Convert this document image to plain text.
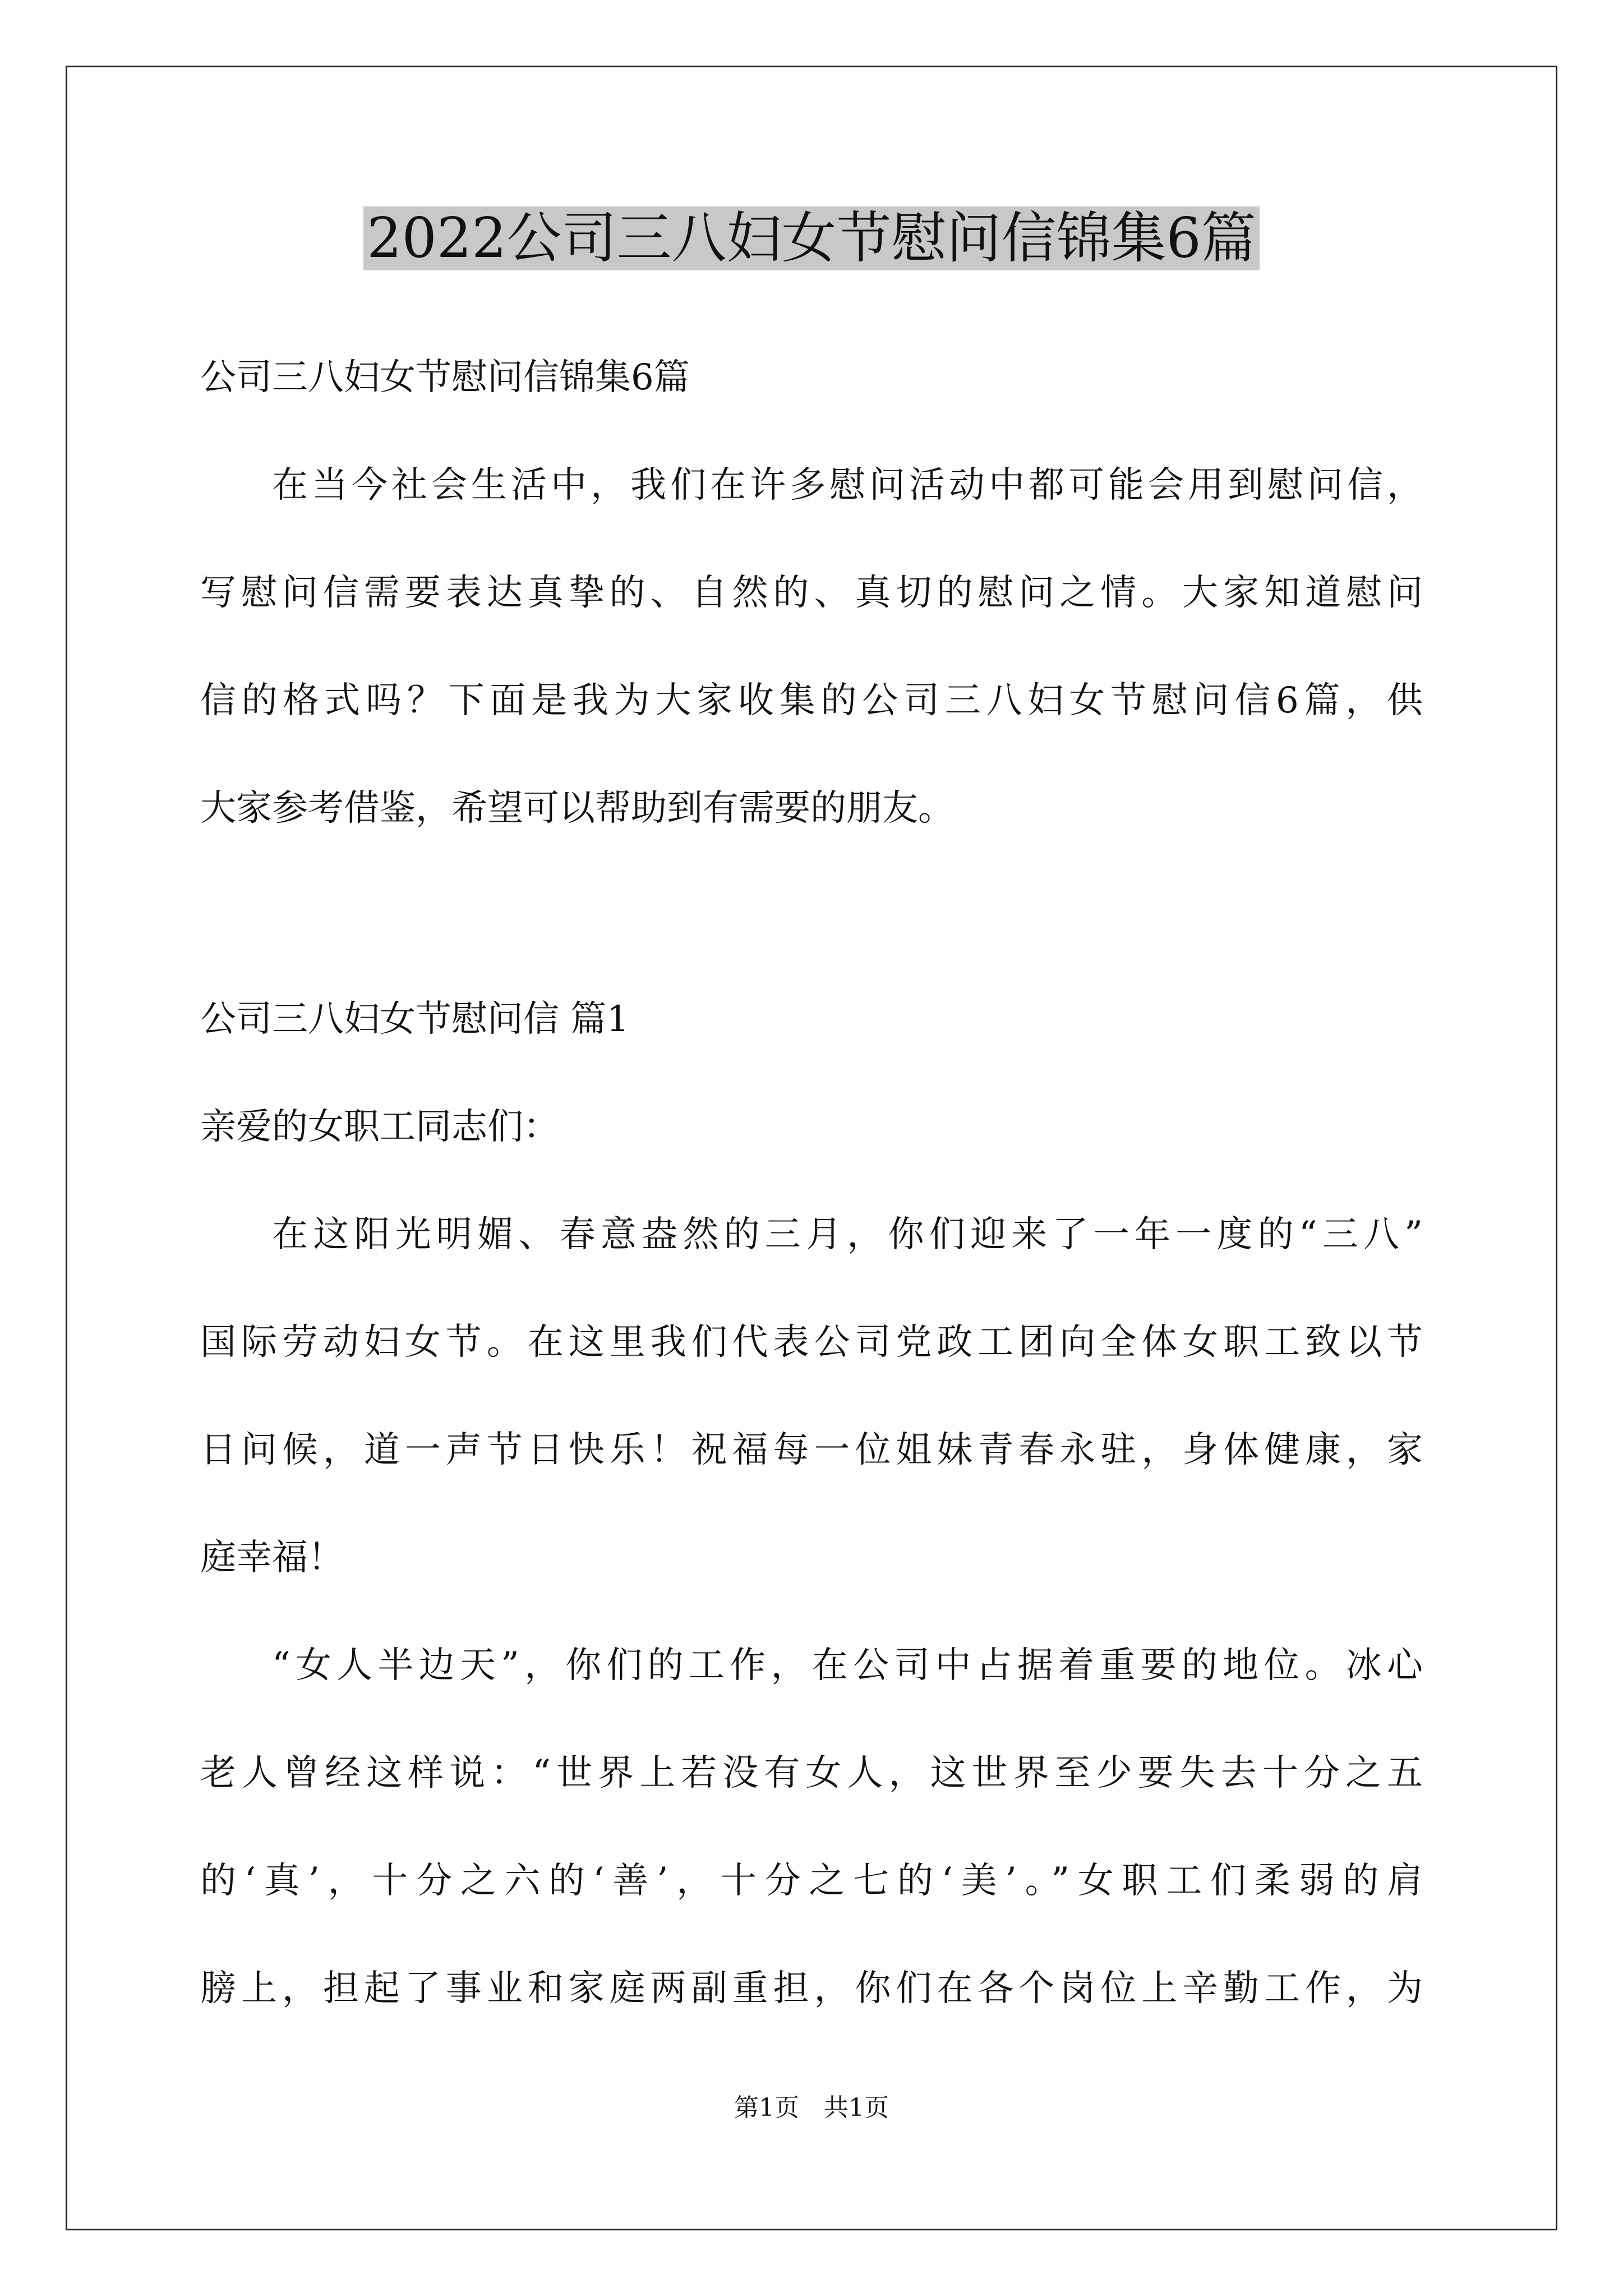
2022公司三八妇女节慰问信锦集6篇
公司三八妇女节慰问信锦集6篇
在当今社会生活中，我们在许多慰问活动中都可能会用到慰问信，
写慰问信需要表达真挚的、自然的、真切的慰问之情。大家知道慰问
信的格式吗？下面是我为大家收集的公司三八妇女节慰问信6篇，供
大家参考借鉴，希望可以帮助到有需要的朋友。
公司三八妇女节慰问信 篇1
亲爱的女职工同志们：
在这阳光明媚、春意盎然的三月，你们迎来了一年一度的“三八”
国际劳动妇女节。在这里我们代表公司党政工团向全体女职工致以节
日问候，道一声节日快乐！祝福每一位姐妹青春永驻，身体健康，家
庭幸福！
“女人半边天”，你们的工作，在公司中占据着重要的地位。冰心
老人曾经这样说：“世界上若没有女人，这世界至少要失去十分之五
的‘真’，十分之六的‘善’，十分之七的‘美’。”女职工们柔弱的肩
膀上，担起了事业和家庭两副重担，你们在各个岗位上辛勤工作，为
第1页　共1页
